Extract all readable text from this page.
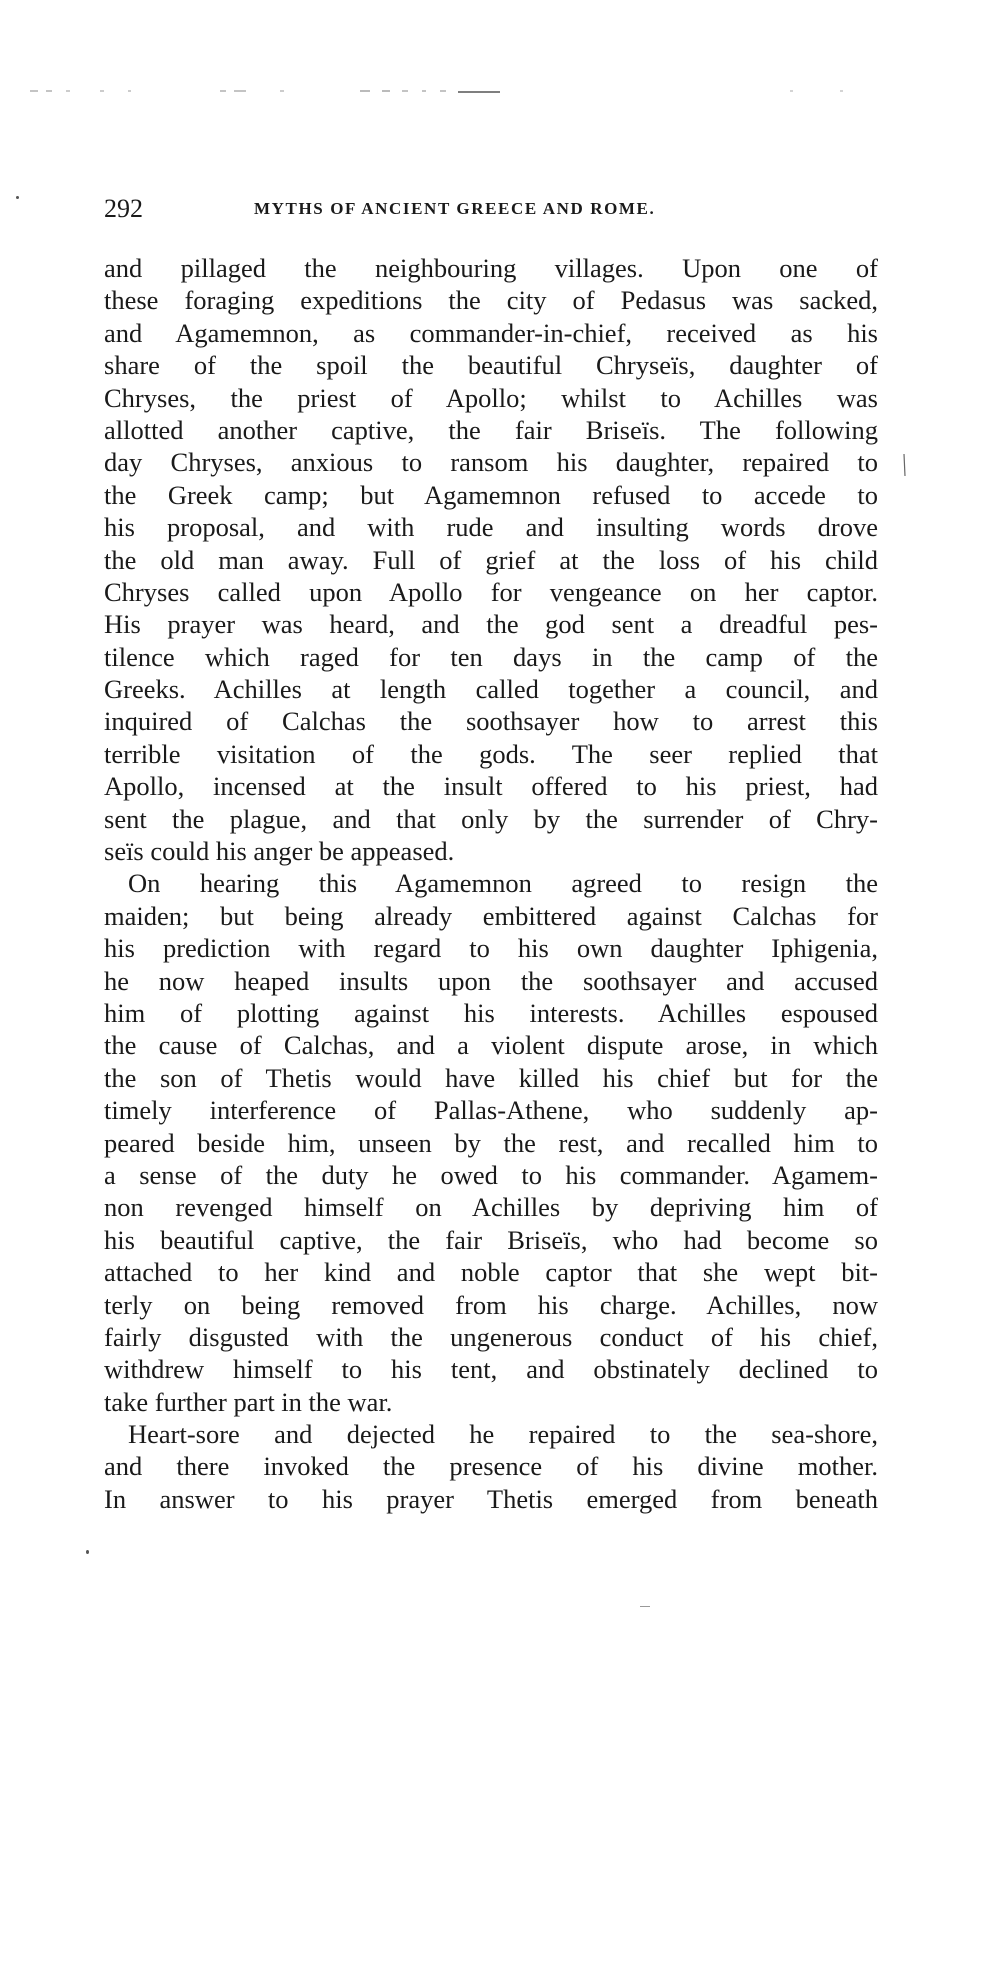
292	MYTHS OF ANCIENT GREECE AND ROME.
and pillaged the neighbouring villages. Upon one of
these foraging expeditions the city of Pedasus was sacked,
and Agamemnon, as commander-in-chief, received as his
share of the spoil the beautiful Chryseïs, daughter of
Chryses, the priest of Apollo; whilst to Achilles was
allotted another captive, the fair Briseïs. The following
day Chryses, anxious to ransom his daughter, repaired to
the Greek camp; but Agamemnon refused to accede to
his proposal, and with rude and insulting words drove
the old man away. Full of grief at the loss of his child
Chryses called upon Apollo for vengeance on her captor.
His prayer was heard, and the god sent a dreadful pes-
tilence which raged for ten days in the camp of the
Greeks. Achilles at length called together a council, and
inquired of Calchas the soothsayer how to arrest this
terrible visitation of the gods. The seer replied that
Apollo, incensed at the insult offered to his priest, had
sent the plague, and that only by the surrender of Chry-
seïs could his anger be appeased.
On hearing this Agamemnon agreed to resign the
maiden; but being already embittered against Calchas for
his prediction with regard to his own daughter Iphigenia,
he now heaped insults upon the soothsayer and accused
him of plotting against his interests. Achilles espoused
the cause of Calchas, and a violent dispute arose, in which
the son of Thetis would have killed his chief but for the
timely interference of Pallas-Athene, who suddenly ap-
peared beside him, unseen by the rest, and recalled him to
a sense of the duty he owed to his commander. Agamem-
non revenged himself on Achilles by depriving him of
his beautiful captive, the fair Briseïs, who had become so
attached to her kind and noble captor that she wept bit-
terly on being removed from his charge. Achilles, now
fairly disgusted with the ungenerous conduct of his chief,
withdrew himself to his tent, and obstinately declined to
take further part in the war.
Heart-sore and dejected he repaired to the sea-shore,
and there invoked the presence of his divine mother.
In answer to his prayer Thetis emerged from beneath
